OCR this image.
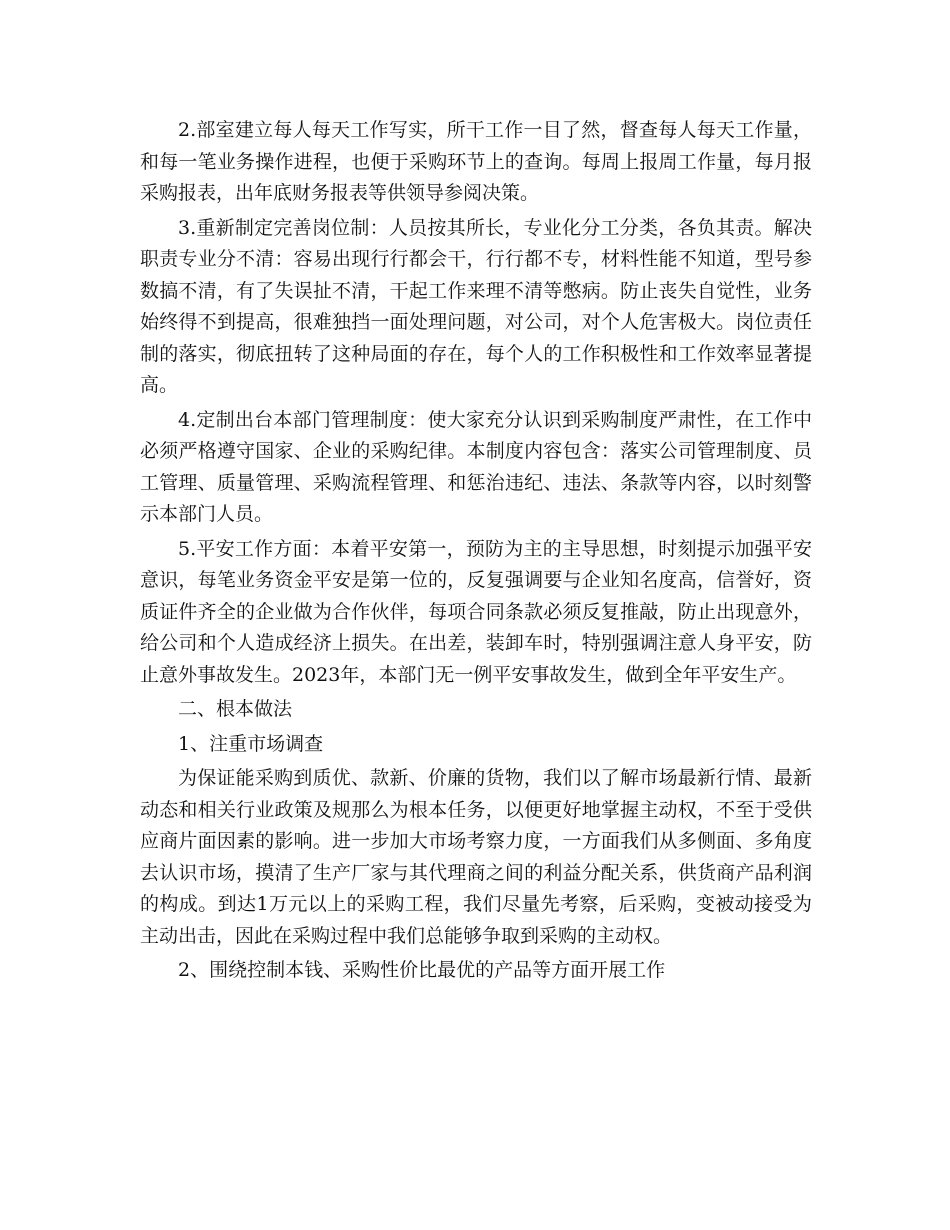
2.部室建立每人每天工作写实，所干工作一目了然，督查每人每天工作量，和每一笔业务操作进程，也便于采购环节上的查询。每周上报周工作量，每月报采购报表，出年底财务报表等供领导参阅决策。

3.重新制定完善岗位制：人员按其所长，专业化分工分类，各负其责。解决职责专业分不清：容易出现行行都会干，行行都不专，材料性能不知道，型号参数搞不清，有了失误扯不清，干起工作来理不清等憋病。防止丧失自觉性，业务始终得不到提高，很难独挡一面处理问题，对公司，对个人危害极大。岗位责任制的落实，彻底扭转了这种局面的存在，每个人的工作积极性和工作效率显著提高。

4.定制出台本部门管理制度：使大家充分认识到采购制度严肃性，在工作中必须严格遵守国家、企业的采购纪律。本制度内容包含：落实公司管理制度、员工管理、质量管理、采购流程管理、和惩治违纪、违法、条款等内容，以时刻警示本部门人员。

5.平安工作方面：本着平安第一，预防为主的主导思想，时刻提示加强平安意识，每笔业务资金平安是第一位的，反复强调要与企业知名度高，信誉好，资质证件齐全的企业做为合作伙伴，每项合同条款必须反复推敲，防止出现意外，给公司和个人造成经济上损失。在出差，装卸车时，特别强调注意人身平安，防止意外事故发生。2023年，本部门无一例平安事故发生，做到全年平安生产。

二、根本做法

1、注重市场调查

为保证能采购到质优、款新、价廉的货物，我们以了解市场最新行情、最新动态和相关行业政策及规那么为根本任务，以便更好地掌握主动权，不至于受供应商片面因素的影响。进一步加大市场考察力度，一方面我们从多侧面、多角度去认识市场，摸清了生产厂家与其代理商之间的利益分配关系，供货商产品利润的构成。到达1万元以上的采购工程，我们尽量先考察，后采购，变被动接受为主动出击，因此在采购过程中我们总能够争取到采购的主动权。

2、围绕控制本钱、采购性价比最优的产品等方面开展工作
